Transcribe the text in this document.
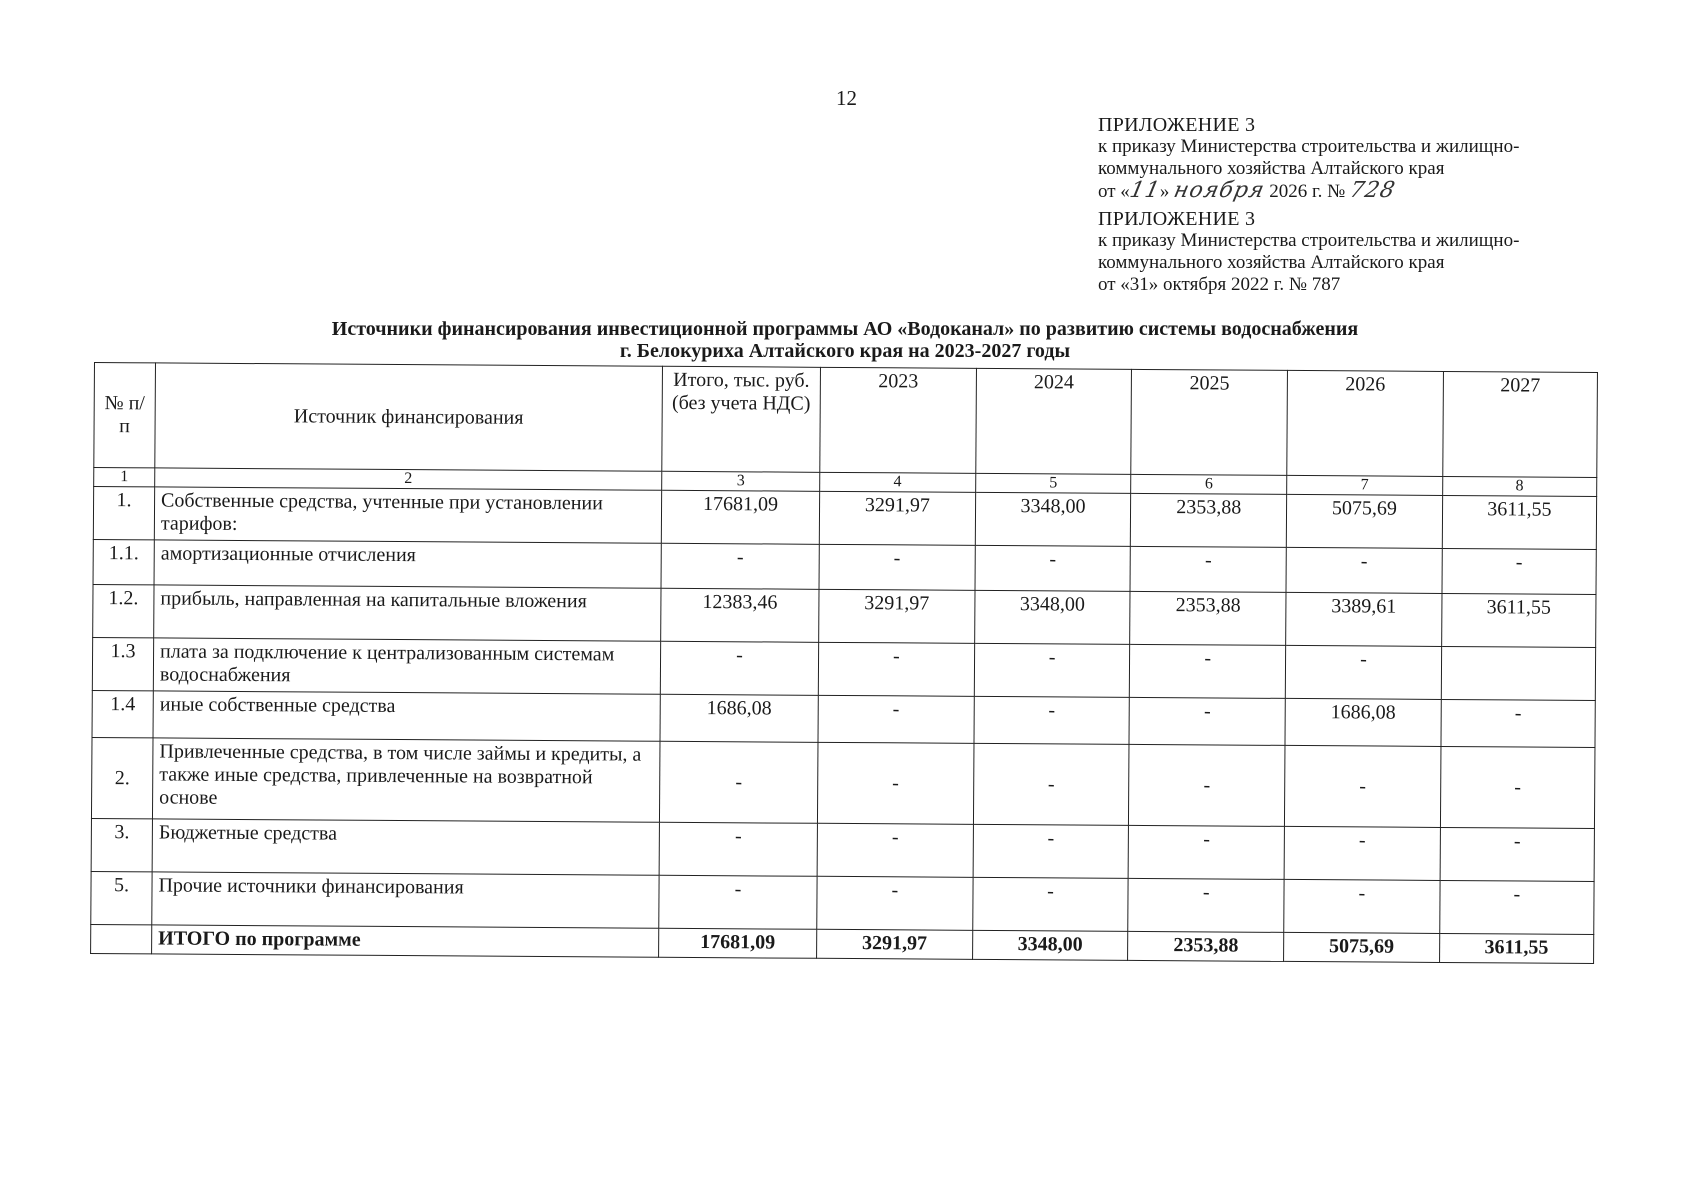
12
ПРИЛОЖЕНИЕ 3
к приказу Министерства строительства и жилищно-
коммунального хозяйства Алтайского края
от «11» ноября 2026 г. № 728
ПРИЛОЖЕНИЕ 3
к приказу Министерства строительства и жилищно-
коммунального хозяйства Алтайского края
от «31» октября 2022 г. № 787
Источники финансирования инвестиционной программы АО «Водоканал» по развитию системы водоснабжения
г. Белокуриха Алтайского края на 2023-2027 годы
№ п/п	Источник финансирования	Итого, тыс. руб. (без учета НДС)	2023	2024	2025	2026	2027
1	2	3	4	5	6	7	8
1.	Собственные средства, учтенные при установлении тарифов:	17681,09	3291,97	3348,00	2353,88	5075,69	3611,55
1.1.	амортизационные отчисления	-	-	-	-	-	-
1.2.	прибыль, направленная на капитальные вложения	12383,46	3291,97	3348,00	2353,88	3389,61	3611,55
1.3	плата за подключение к централизованным системам водоснабжения	-	-	-	-	-	
1.4	иные собственные средства	1686,08	-	-	-	1686,08	-
2.	Привлеченные средства, в том числе займы и кредиты, а также иные средства, привлеченные на возвратной основе	-	-	-	-	-	-
3.	Бюджетные средства	-	-	-	-	-	-
5.	Прочие источники финансирования	-	-	-	-	-	-
	ИТОГО по программе	17681,09	3291,97	3348,00	2353,88	5075,69	3611,55
